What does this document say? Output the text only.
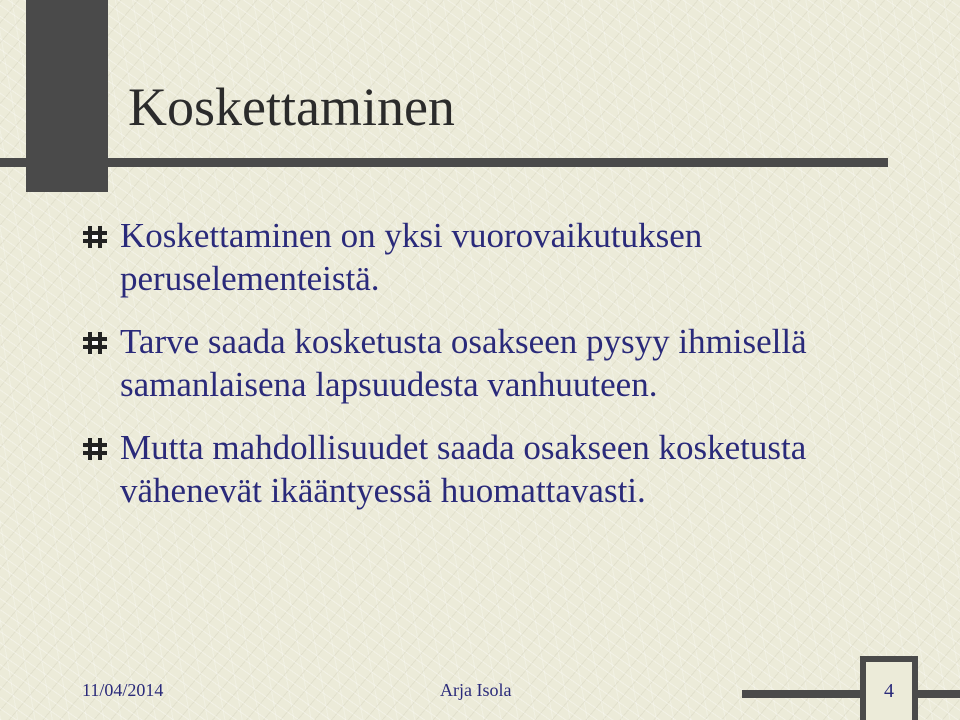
Koskettaminen
Koskettaminen on yksi vuorovaikutuksen peruselementeistä.
Tarve saada kosketusta osakseen pysyy ihmisellä samanlaisena lapsuudesta vanhuuteen.
Mutta mahdollisuudet saada osakseen kosketusta vähenevät ikääntyessä huomattavasti.
11/04/2014	Arja Isola	4
